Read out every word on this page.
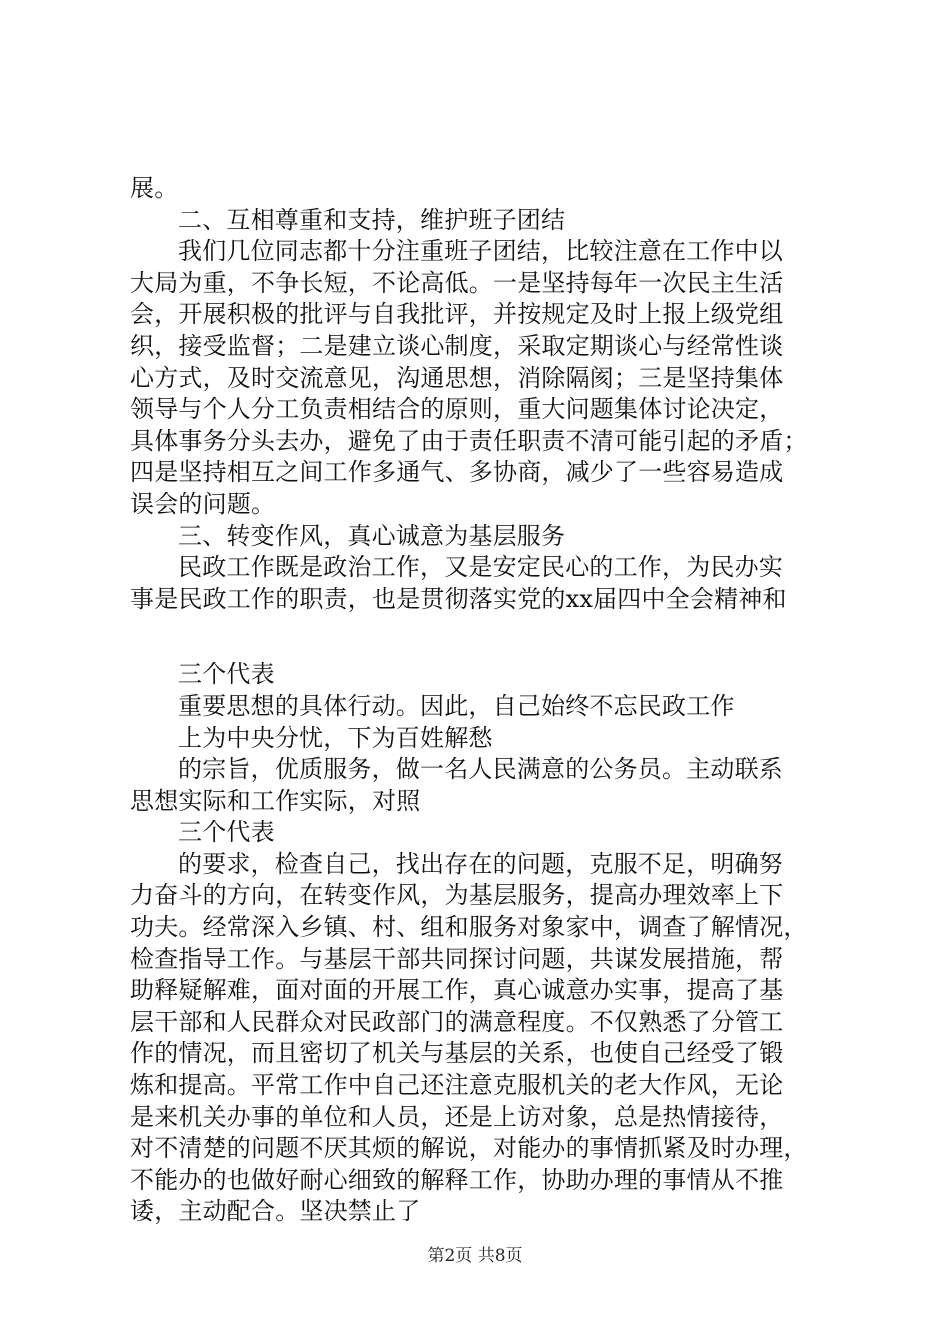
展。
二、互相尊重和支持，维护班子团结
我们几位同志都十分注重班子团结，比较注意在工作中以
大局为重，不争长短，不论高低。一是坚持每年一次民主生活
会，开展积极的批评与自我批评，并按规定及时上报上级党组
织，接受监督；二是建立谈心制度，采取定期谈心与经常性谈
心方式，及时交流意见，沟通思想，消除隔阂；三是坚持集体
领导与个人分工负责相结合的原则，重大问题集体讨论决定，
具体事务分头去办，避免了由于责任职责不清可能引起的矛盾；
四是坚持相互之间工作多通气、多协商，减少了一些容易造成
误会的问题。
三、转变作风，真心诚意为基层服务
民政工作既是政治工作，又是安定民心的工作，为民办实
事是民政工作的职责，也是贯彻落实党的xx届四中全会精神和
三个代表
重要思想的具体行动。因此，自己始终不忘民政工作
上为中央分忧，下为百姓解愁
的宗旨，优质服务，做一名人民满意的公务员。主动联系
思想实际和工作实际，对照
三个代表
的要求，检查自己，找出存在的问题，克服不足，明确努
力奋斗的方向，在转变作风，为基层服务，提高办理效率上下
功夫。经常深入乡镇、村、组和服务对象家中，调查了解情况，
检查指导工作。与基层干部共同探讨问题，共谋发展措施，帮
助释疑解难，面对面的开展工作，真心诚意办实事，提高了基
层干部和人民群众对民政部门的满意程度。不仅熟悉了分管工
作的情况，而且密切了机关与基层的关系，也使自己经受了锻
炼和提高。平常工作中自己还注意克服机关的老大作风，无论
是来机关办事的单位和人员，还是上访对象，总是热情接待，
对不清楚的问题不厌其烦的解说，对能办的事情抓紧及时办理，
不能办的也做好耐心细致的解释工作，协助办理的事情从不推
诿，主动配合。坚决禁止了
第2页 共8页
